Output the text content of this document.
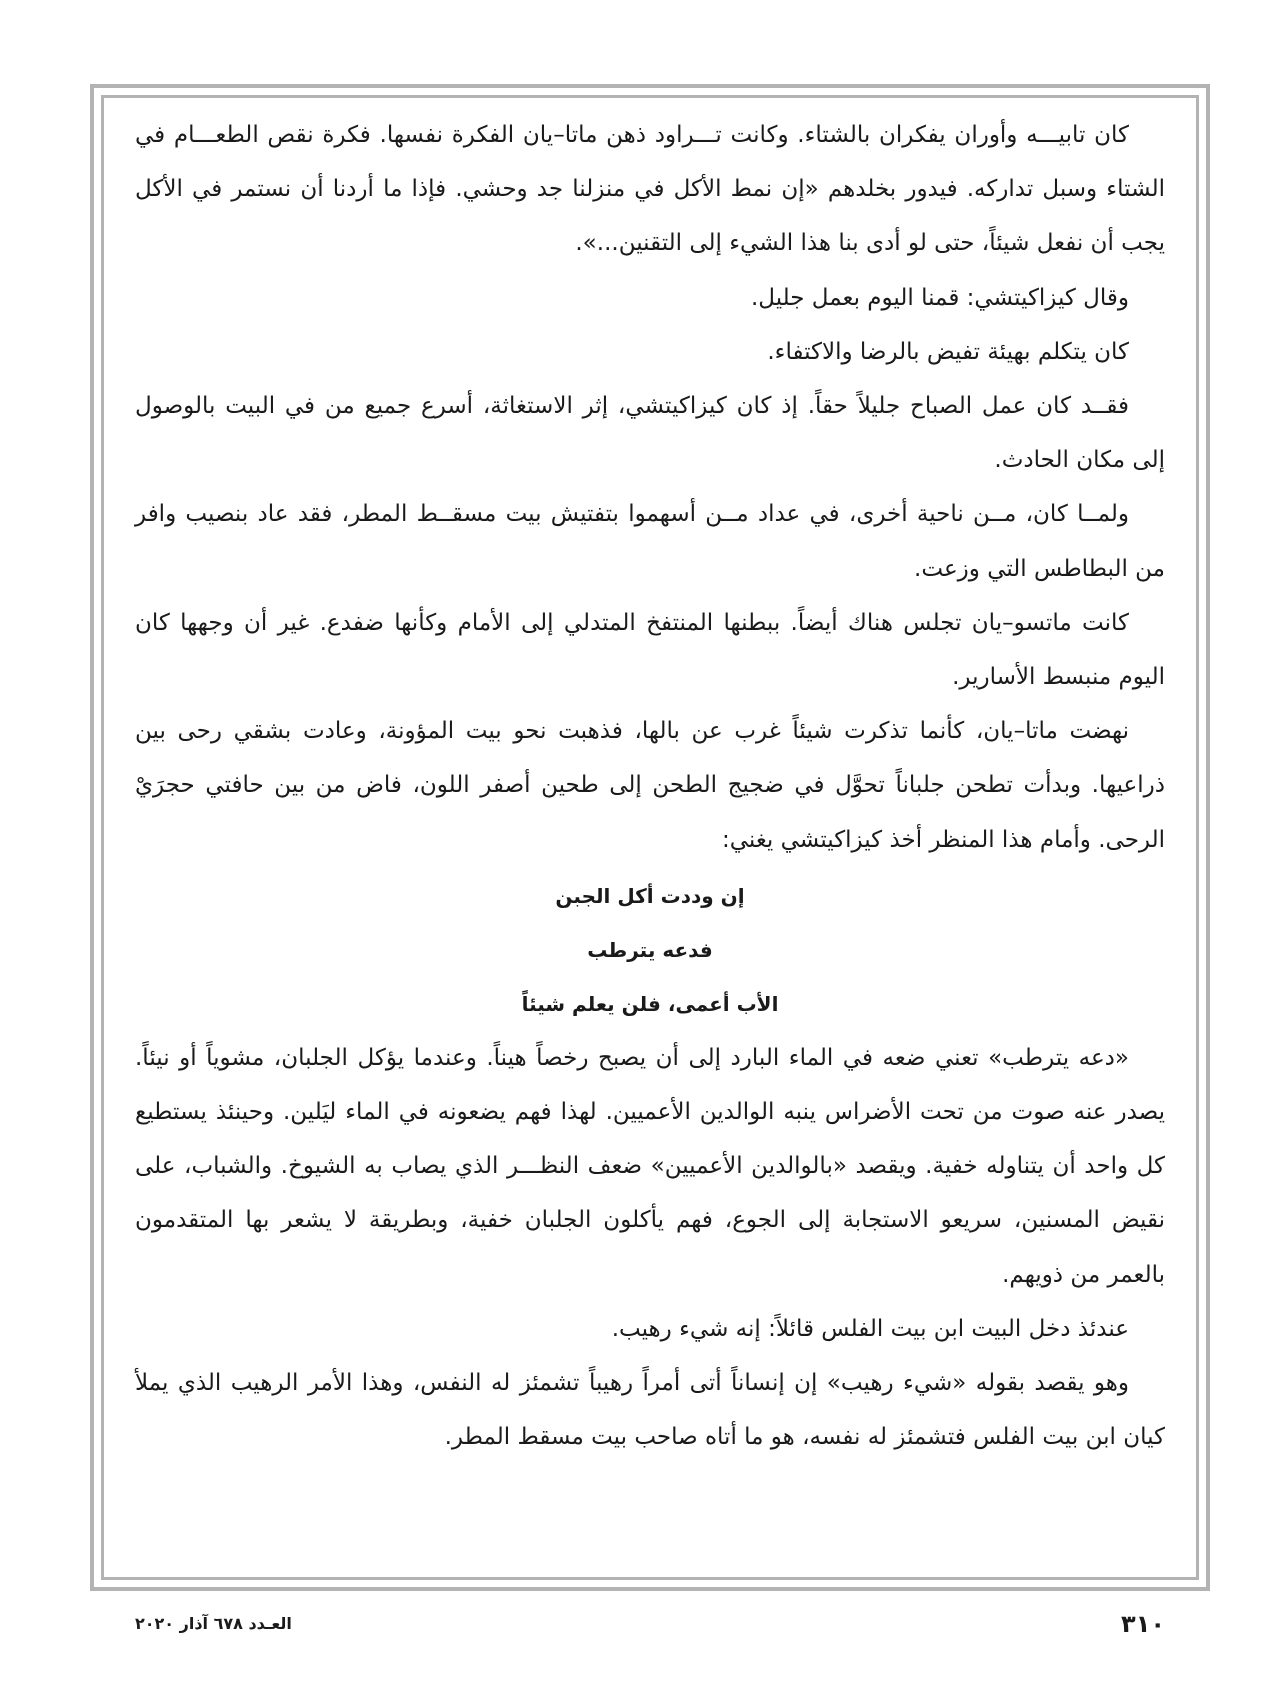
كان تابيـــه وأوران يفكران بالشتاء. وكانت تـــراود ذهن ماتا–يان الفكرة نفسها. فكرة نقص الطعـــام في الشتاء وسبل تداركه. فيدور بخلدهم «إن نمط الأكل في منزلنا جد وحشي. فإذا ما أردنا أن نستمر في الأكل يجب أن نفعل شيئاً، حتى لو أدى بنا هذا الشيء إلى التقنين...».

وقال كيزاكيتشي: قمنا اليوم بعمل جليل.

كان يتكلم بهيئة تفيض بالرضا والاكتفاء.

فقــد كان عمل الصباح جليلاً حقاً. إذ كان كيزاكيتشي، إثر الاستغاثة، أسرع جميع من في البيت بالوصول إلى مكان الحادث.

ولمــا كان، مــن ناحية أخرى، في عداد مــن أسهموا بتفتيش بيت مسقــط المطر، فقد عاد بنصيب وافر من البطاطس التي وزعت.

كانت ماتسو–يان تجلس هناك أيضاً. ببطنها المنتفخ المتدلي إلى الأمام وكأنها ضفدع. غير أن وجهها كان اليوم منبسط الأسارير.

نهضت ماتا–يان، كأنما تذكرت شيئاً غرب عن بالها، فذهبت نحو بيت المؤونة، وعادت بشقي رحى بين ذراعيها. وبدأت تطحن جلباناً تحوَّل في ضجيج الطحن إلى طحين أصفر اللون، فاض من بين حافتي حجرَيْ الرحى. وأمام هذا المنظر أخذ كيزاكيتشي يغني:

إن وددت أكل الجبن

فدعه يترطب

الأب أعمى، فلن يعلم شيئاً

«دعه يترطب» تعني ضعه في الماء البارد إلى أن يصبح رخصاً هيناً. وعندما يؤكل الجلبان، مشوياً أو نيئاً. يصدر عنه صوت من تحت الأضراس ينبه الوالدين الأعميين. لهذا فهم يضعونه في الماء ليَلين. وحينئذ يستطيع كل واحد أن يتناوله خفية. ويقصد «بالوالدين الأعميين» ضعف النظـــر الذي يصاب به الشيوخ. والشباب، على نقيض المسنين، سريعو الاستجابة إلى الجوع، فهم يأكلون الجلبان خفية، وبطريقة لا يشعر بها المتقدمون بالعمر من ذويهم.

عندئذ دخل البيت ابن بيت الفلس قائلاً: إنه شيء رهيب.

وهو يقصد بقوله «شيء رهيب» إن إنساناً أتى أمراً رهيباً تشمئز له النفس، وهذا الأمر الرهيب الذي يملأ كيان ابن بيت الفلس فتشمئز له نفسه، هو ما أتاه صاحب بيت مسقط المطر.

٣١٠
العـدد ٦٧٨ آذار ٢٠٢٠
